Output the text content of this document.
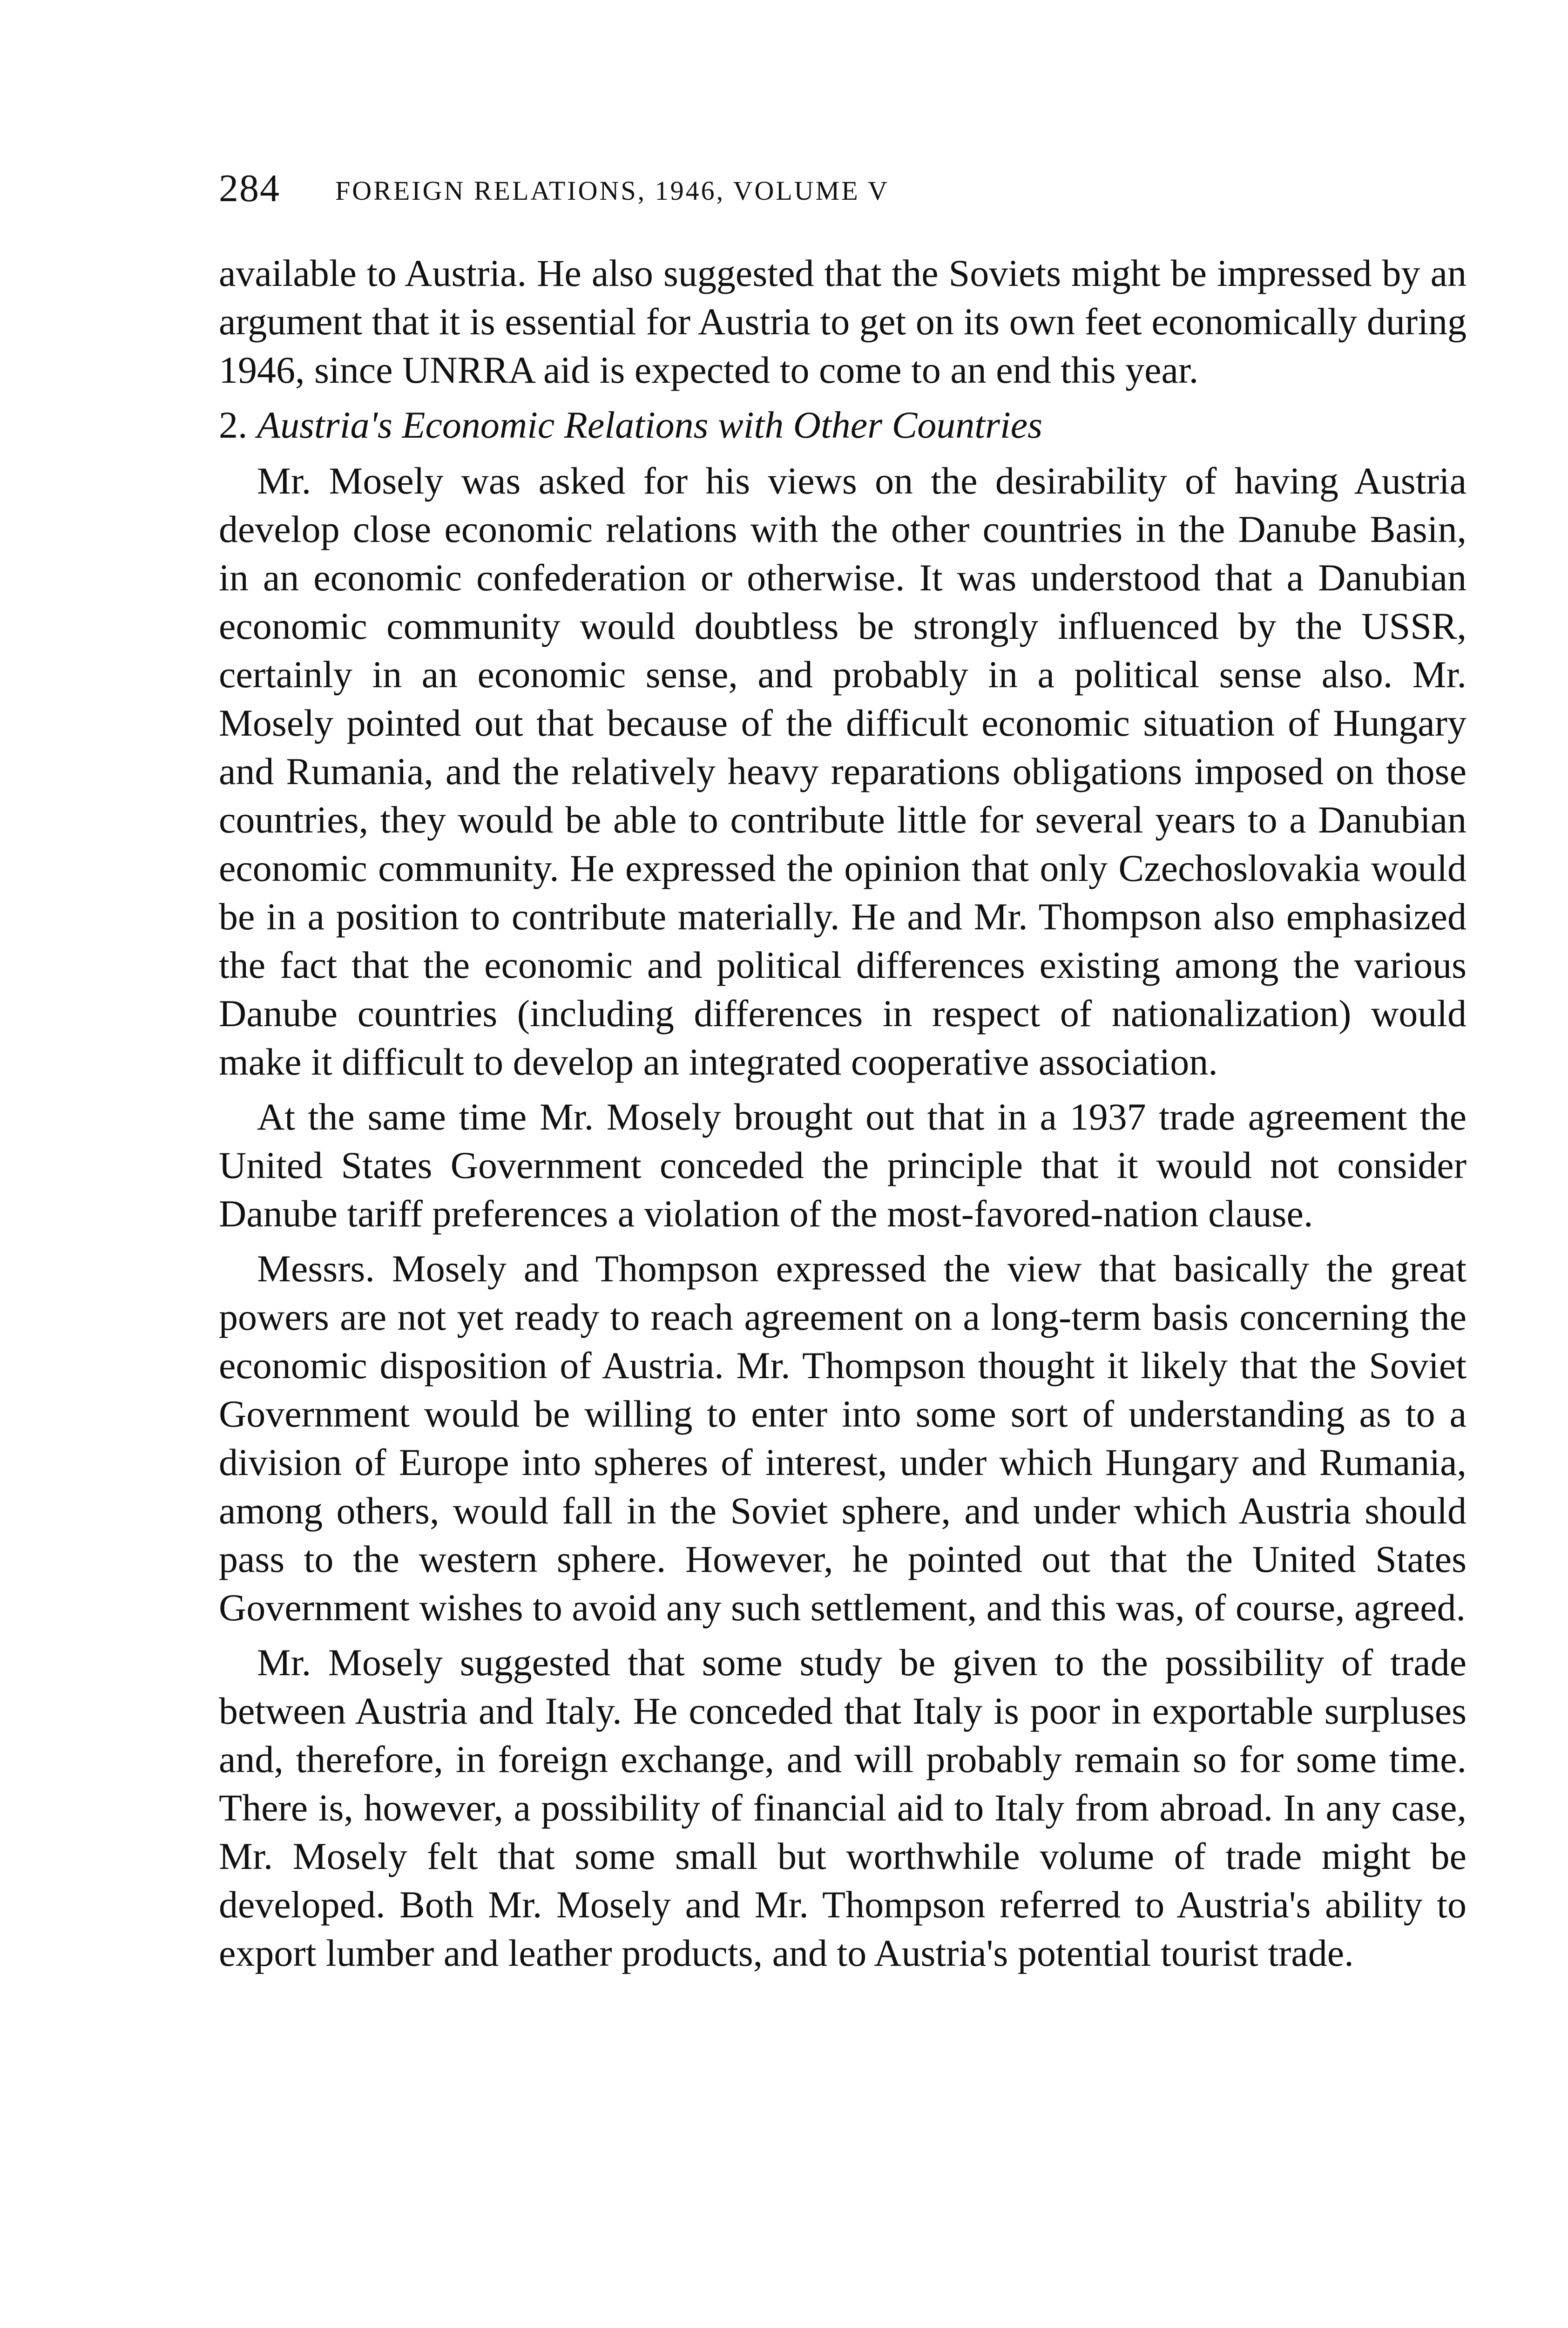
284 FOREIGN RELATIONS, 1946, VOLUME V

available to Austria. He also suggested that the Soviets might be impressed by an argument that it is essential for Austria to get on its own feet economically during 1946, since UNRRA aid is expected to come to an end this year.

2. Austria's Economic Relations with Other Countries

Mr. Mosely was asked for his views on the desirability of having Austria develop close economic relations with the other countries in the Danube Basin, in an economic confederation or otherwise. It was understood that a Danubian economic community would doubtless be strongly influenced by the USSR, certainly in an economic sense, and probably in a political sense also. Mr. Mosely pointed out that because of the difficult economic situation of Hungary and Rumania, and the relatively heavy reparations obligations imposed on those countries, they would be able to contribute little for several years to a Danubian economic community. He expressed the opinion that only Czechoslovakia would be in a position to contribute materially. He and Mr. Thompson also emphasized the fact that the economic and political differences existing among the various Danube countries (including differences in respect of nationalization) would make it difficult to develop an integrated cooperative association.

At the same time Mr. Mosely brought out that in a 1937 trade agreement the United States Government conceded the principle that it would not consider Danube tariff preferences a violation of the most-favored-nation clause.

Messrs. Mosely and Thompson expressed the view that basically the great powers are not yet ready to reach agreement on a long-term basis concerning the economic disposition of Austria. Mr. Thompson thought it likely that the Soviet Government would be willing to enter into some sort of understanding as to a division of Europe into spheres of interest, under which Hungary and Rumania, among others, would fall in the Soviet sphere, and under which Austria should pass to the western sphere. However, he pointed out that the United States Government wishes to avoid any such settlement, and this was, of course, agreed.

Mr. Mosely suggested that some study be given to the possibility of trade between Austria and Italy. He conceded that Italy is poor in exportable surpluses and, therefore, in foreign exchange, and will probably remain so for some time. There is, however, a possibility of financial aid to Italy from abroad. In any case, Mr. Mosely felt that some small but worthwhile volume of trade might be developed. Both Mr. Mosely and Mr. Thompson referred to Austria's ability to export lumber and leather products, and to Austria's potential tourist trade.
